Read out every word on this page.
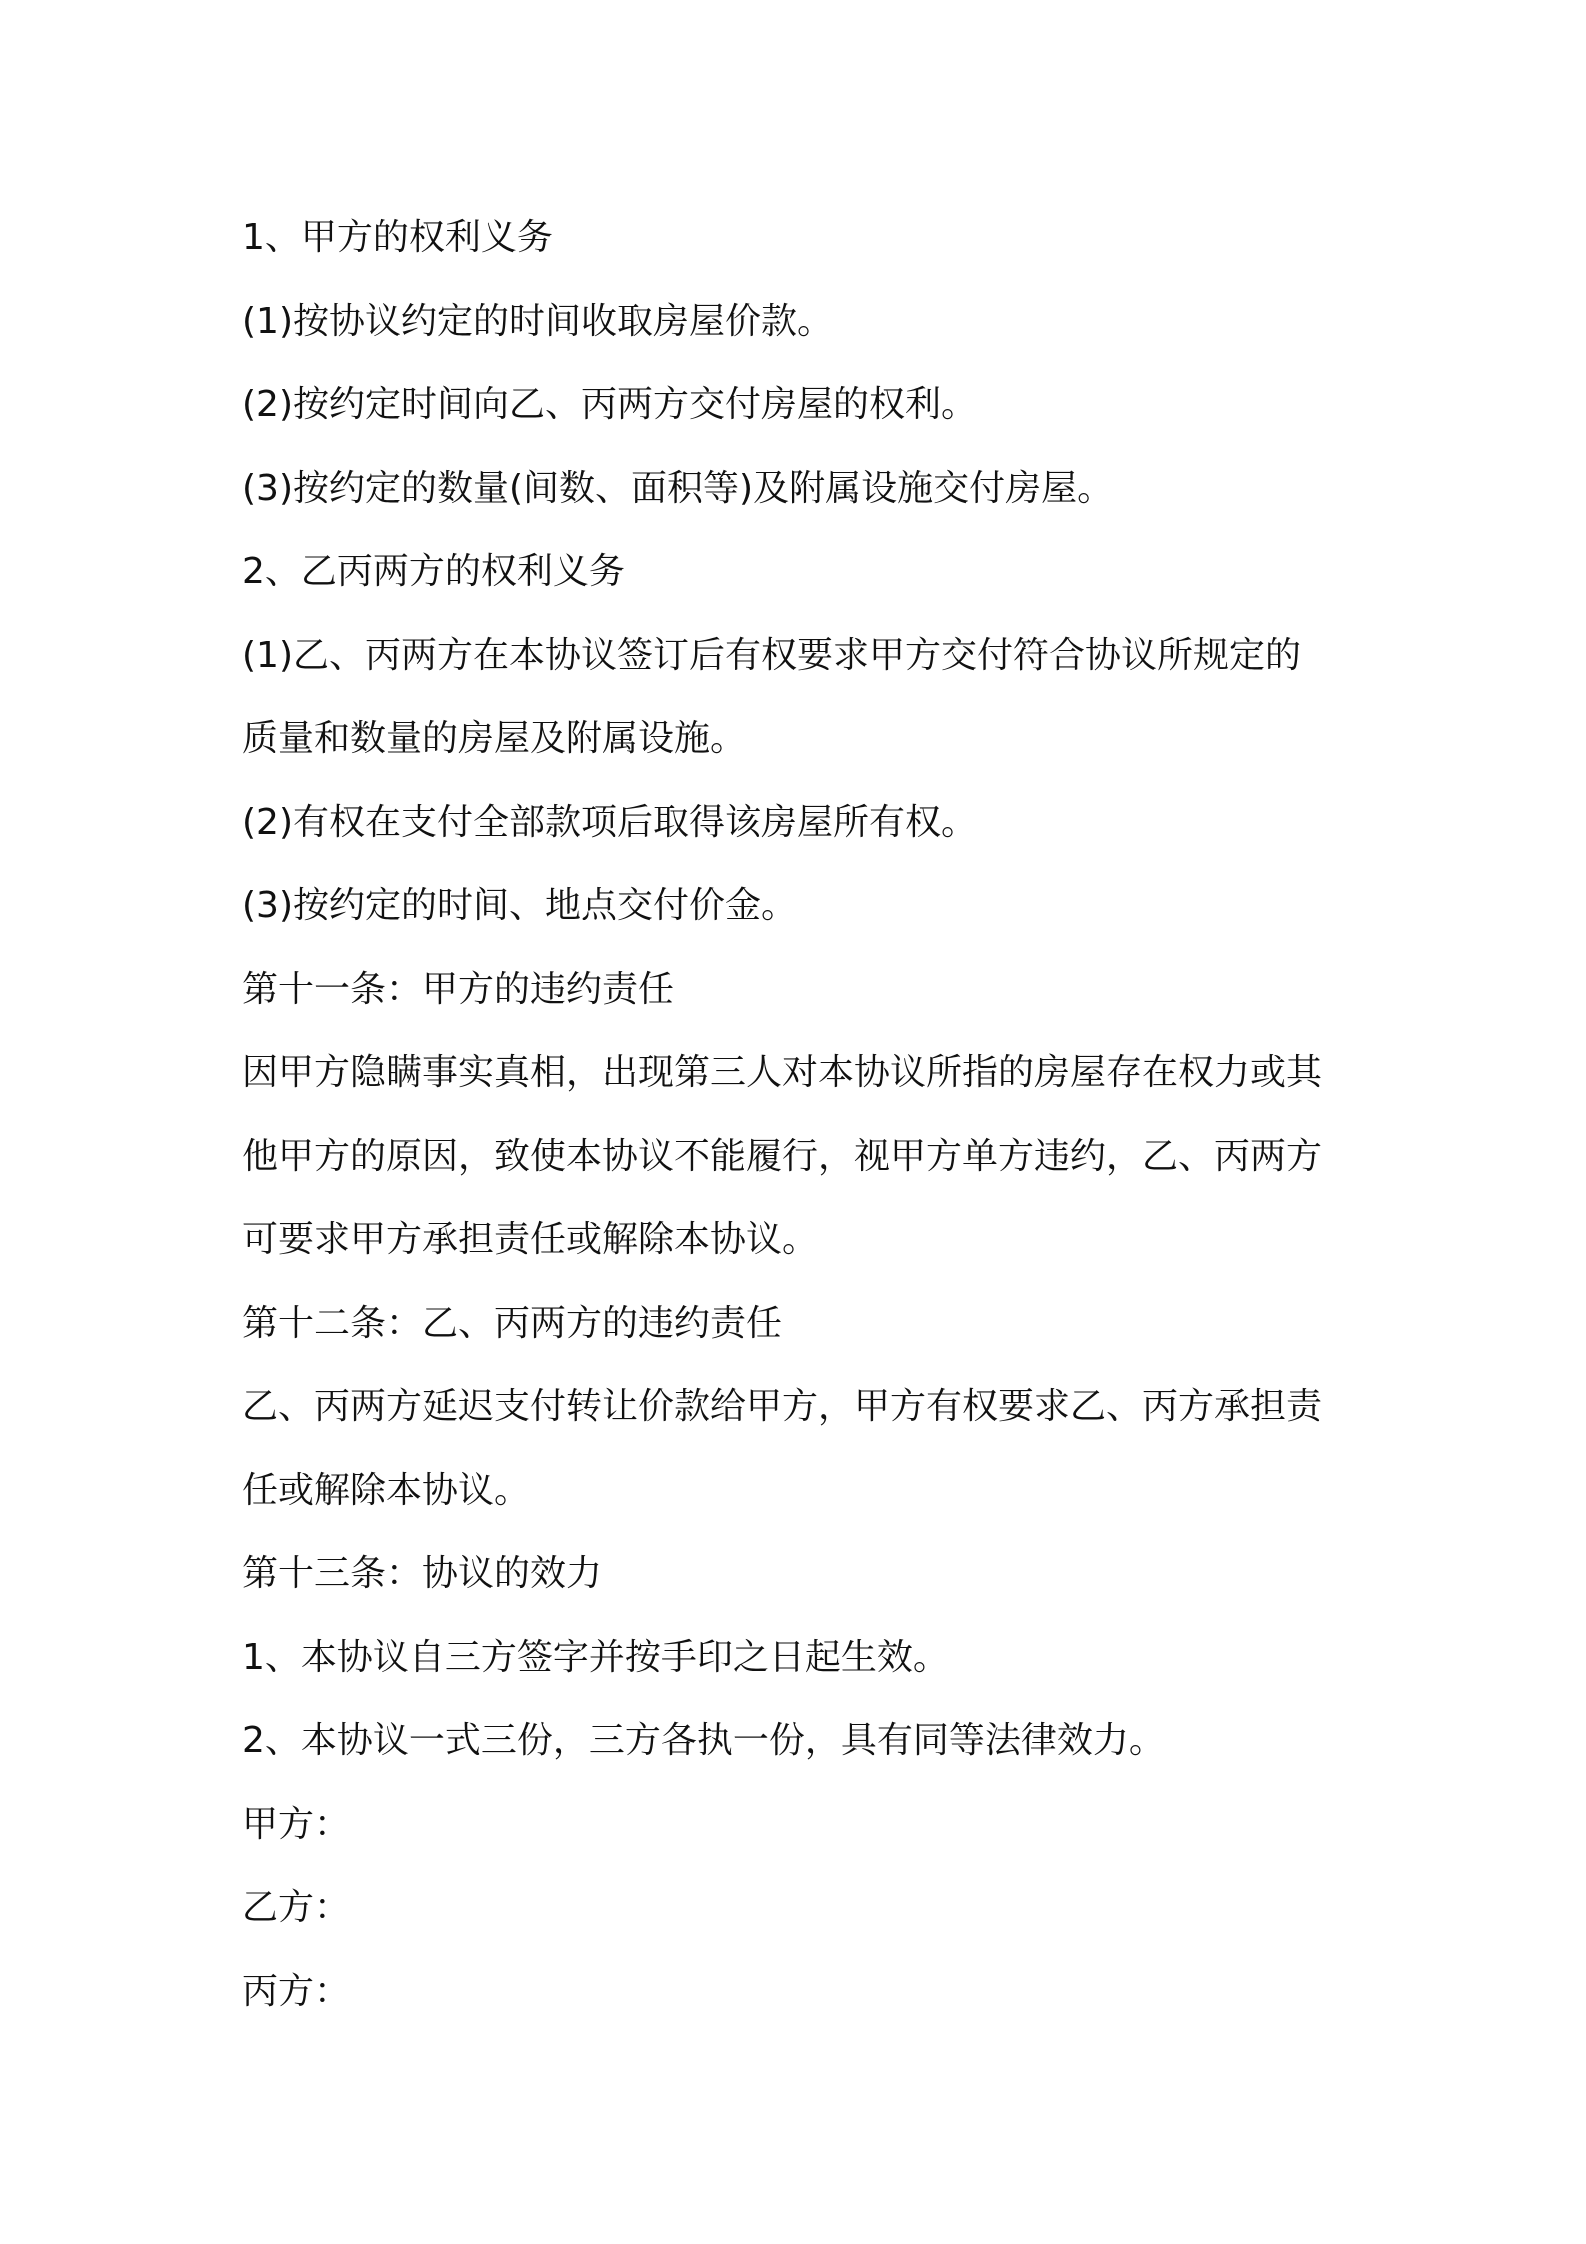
1、甲方的权利义务
(1)按协议约定的时间收取房屋价款。
(2)按约定时间向乙、丙两方交付房屋的权利。
(3)按约定的数量(间数、面积等)及附属设施交付房屋。
2、乙丙两方的权利义务
(1)乙、丙两方在本协议签订后有权要求甲方交付符合协议所规定的
质量和数量的房屋及附属设施。
(2)有权在支付全部款项后取得该房屋所有权。
(3)按约定的时间、地点交付价金。
第十一条：甲方的违约责任
因甲方隐瞒事实真相，出现第三人对本协议所指的房屋存在权力或其
他甲方的原因，致使本协议不能履行，视甲方单方违约，乙、丙两方
可要求甲方承担责任或解除本协议。
第十二条：乙、丙两方的违约责任
乙、丙两方延迟支付转让价款给甲方，甲方有权要求乙、丙方承担责
任或解除本协议。
第十三条：协议的效力
1、本协议自三方签字并按手印之日起生效。
2、本协议一式三份，三方各执一份，具有同等法律效力。
甲方：
乙方：
丙方：
